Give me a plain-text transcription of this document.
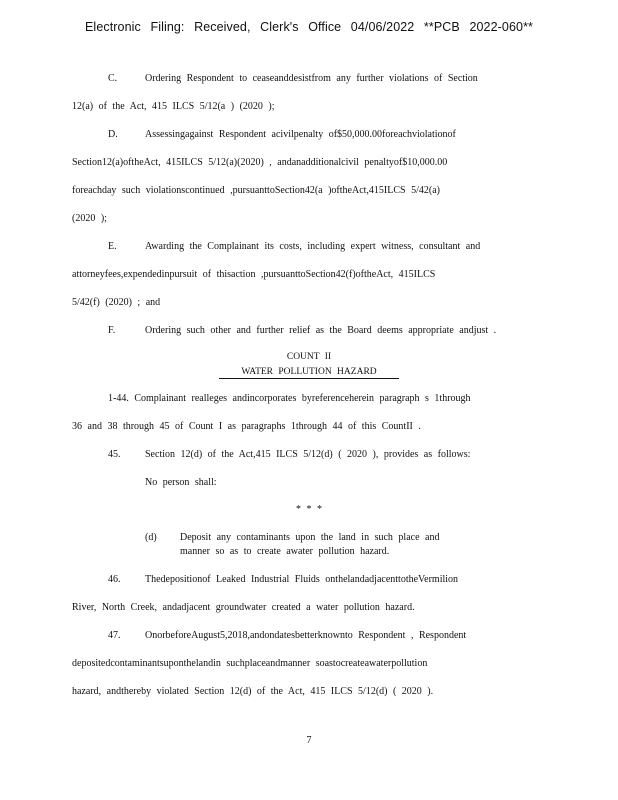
Electronic Filing: Received, Clerk's Office 04/06/2022 **PCB 2022-060**
C.	Ordering Respondent to ceaseanddesistfrom any further violations of Section
12(a) of the Act, 415 ILCS 5/12(a ) (2020 );
D.	Assessingagainst Respondent acivilpenalty of$50,000.00foreachviolationof
Section12(a)oftheAct, 415ILCS 5/12(a)(2020) , andanadditionalcivil penaltyof$10,000.00
foreachday such violationscontinued ,pursuanttoSection42(a )oftheAct,415ILCS 5/42(a)
(2020 );
E.	Awarding the Complainant its costs, including expert witness, consultant and
attorneyfees,expendedinpursuit of thisaction ,pursuanttoSection42(f)oftheAct, 415ILCS
5/42(f) (2020) ; and
F.	Ordering such other and further relief as the Board deems appropriate andjust .
COUNT II
WATER POLLUTION HAZARD
1-44. Complainant realleges andincorporates byreferenceherein paragraph s 1through
36 and 38 through 45 of Count I as paragraphs 1through 44 of this CountII .
45. Section 12(d) of the Act,415 ILCS 5/12(d) ( 2020 ), provides as follows:
No person shall:
* * *
(d) Deposit any contaminants upon the land in such place and
manner so as to create awater pollution hazard.
46. Thedepositionof Leaked Industrial Fluids onthelandadjacenttotheVermilion
River, North Creek, andadjacent groundwater created a water pollution hazard.
47. OnorbeforeAugust5,2018,andondatesbetterknownto Respondent , Respondent
depositedcontaminantsuponthelandin suchplaceandmanner soastocreateawaterpollution
hazard, andthereby violated Section 12(d) of the Act, 415 ILCS 5/12(d) ( 2020 ).
7
